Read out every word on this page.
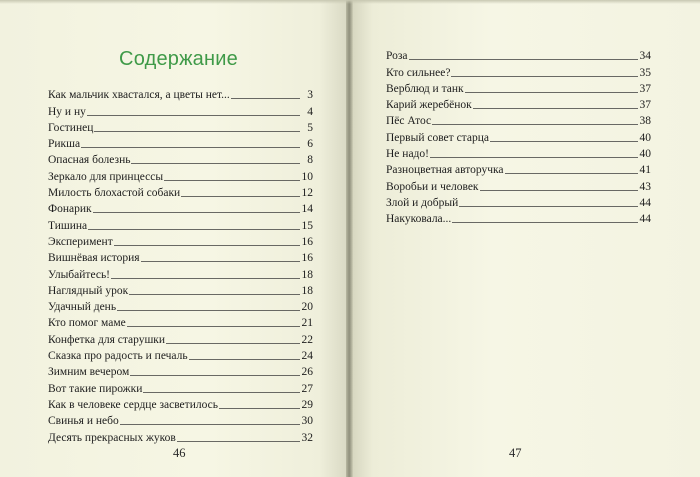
Содержание
Как мальчик хвастался, а цветы нет...	3
Ну и ну	4
Гостинец	5
Рикша	6
Опасная болезнь	8
Зеркало для принцессы	10
Милость блохастой собаки	12
Фонарик	14
Тишина	15
Эксперимент	16
Вишнёвая история	16
Улыбайтесь!	18
Наглядный урок	18
Удачный день	20
Кто помог маме	21
Конфетка для старушки	22
Сказка про радость и печаль	24
Зимним вечером	26
Вот такие пирожки	27
Как в человеке сердце засветилось	29
Свинья и небо	30
Десять прекрасных жуков	32
46
Роза	34
Кто сильнее?	35
Верблюд и танк	37
Карий жеребёнок	37
Пёс Атос	38
Первый совет старца	40
Не надо!	40
Разноцветная авторучка	41
Воробьи и человек	43
Злой и добрый	44
Накуковала...	44
47
